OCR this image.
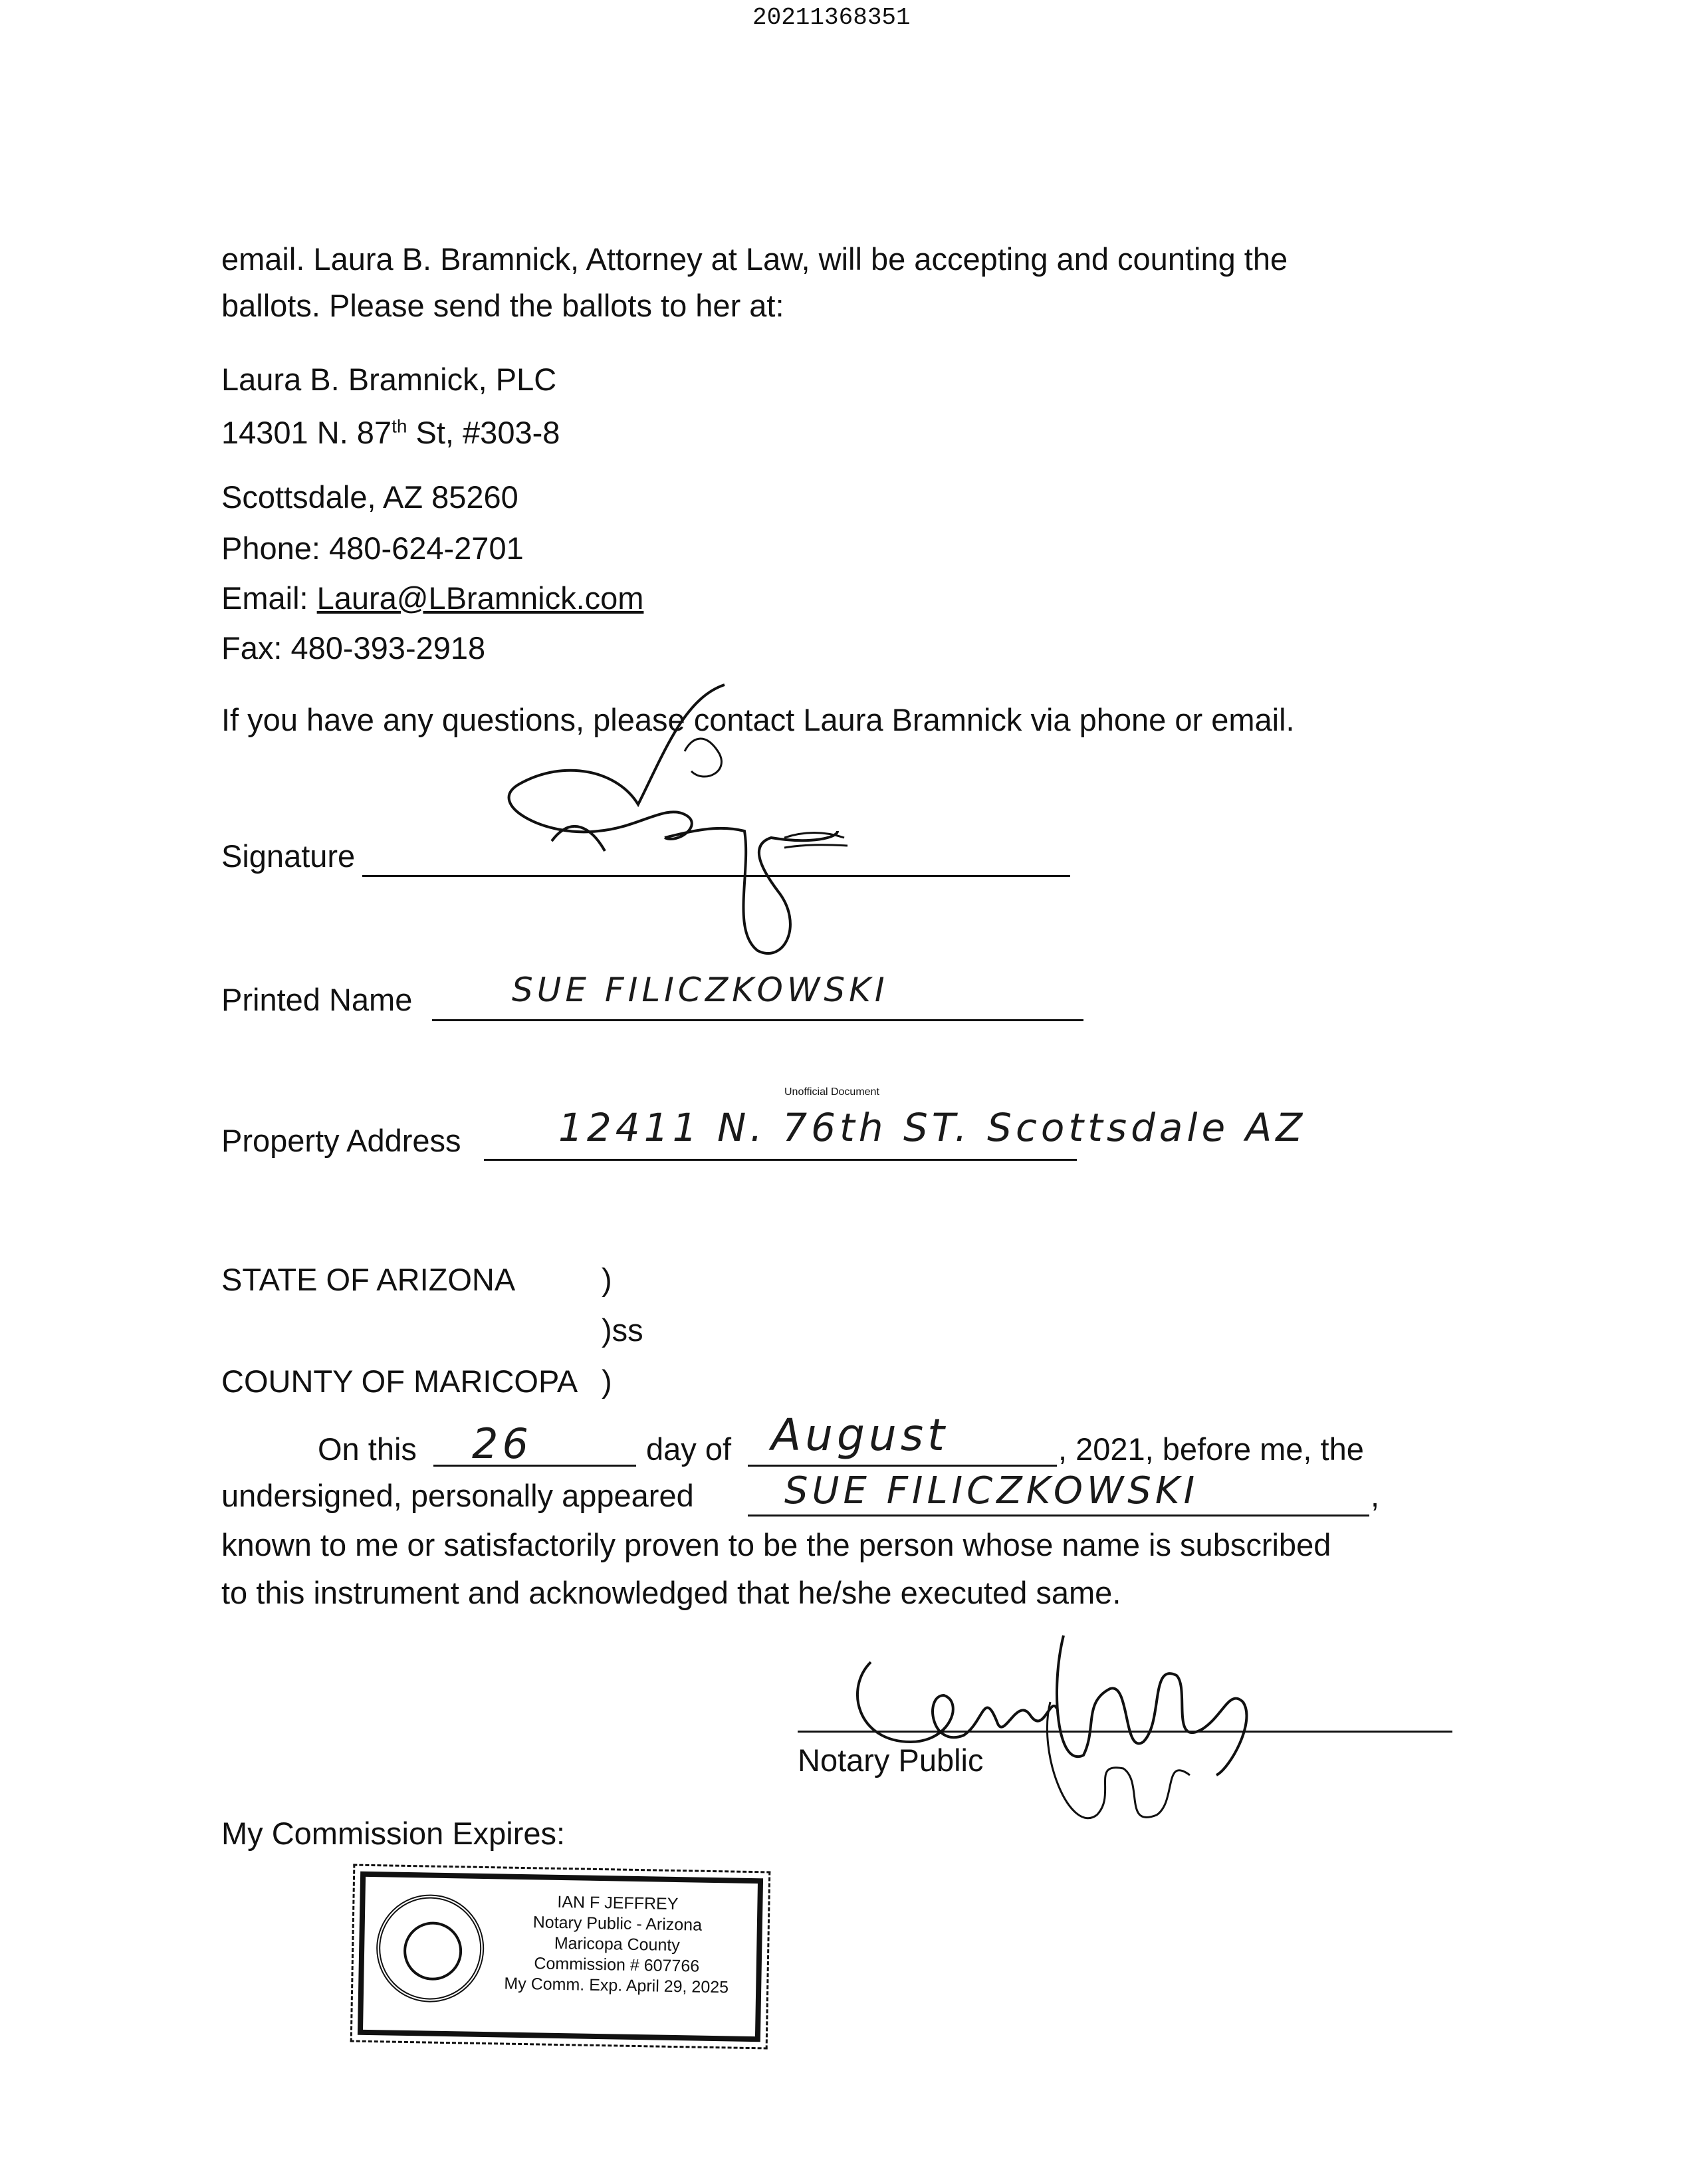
20211368351
email. Laura B. Bramnick, Attorney at Law, will be accepting and counting the
ballots. Please send the ballots to her at:
Laura B. Bramnick, PLC
14301 N. 87th St, #303-8
Scottsdale, AZ 85260
Phone: 480-624-2701
Email: Laura@LBramnick.com
Fax: 480-393-2918
If you have any questions, please contact Laura Bramnick via phone or email.
Signature
Printed Name	SUE FILICZKOWSKI
Unofficial Document
Property Address	12411 N. 76th ST. Scottsdale AZ
STATE OF ARIZONA	)
)ss
COUNTY OF MARICOPA )
On this 26	day of August	, 2021, before me, the
undersigned, personally appeared SUE FILICZKOWSKI	,
known to me or satisfactorily proven to be the person whose name is subscribed
to this instrument and acknowledged that he/she executed same.
Notary Public
My Commission Expires:
IAN F JEFFREY
Notary Public - Arizona
Maricopa County
Commission # 607766
My Comm. Exp. April 29, 2025
